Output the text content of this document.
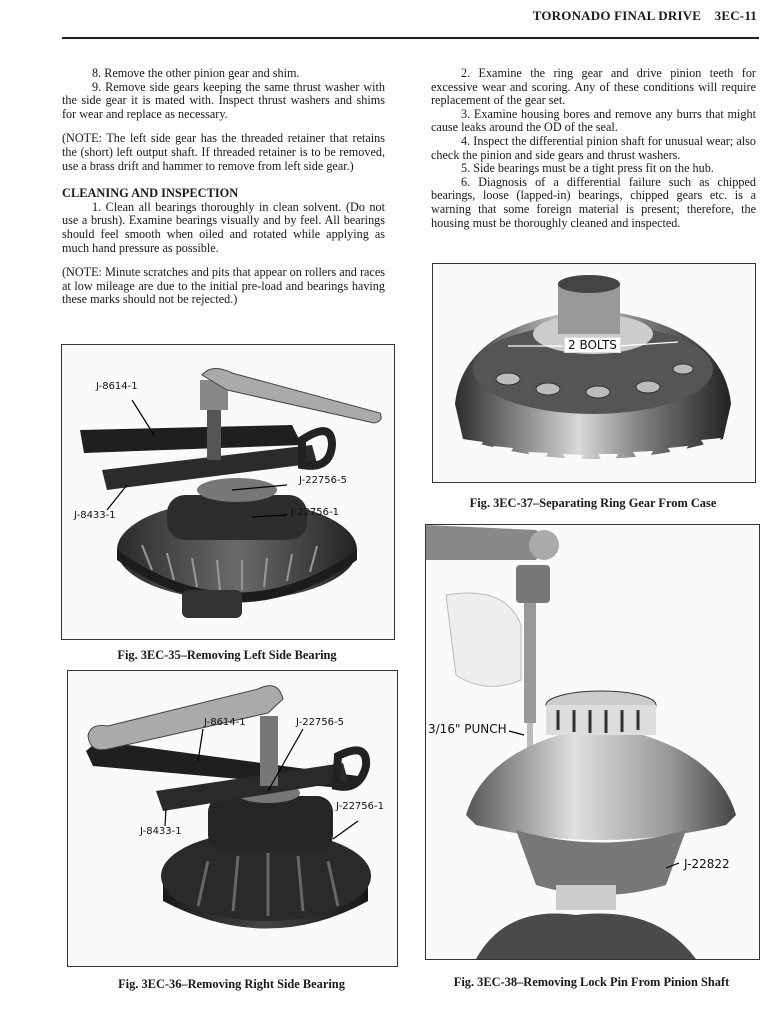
TORONADO FINAL DRIVE 3EC-11

8. Remove the other pinion gear and shim.

9. Remove side gears keeping the same thrust washer with the side gear it is mated with. Inspect thrust washers and shims for wear and replace as necessary.

(NOTE: The left side gear has the threaded retainer that retains the (short) left output shaft. If threaded retainer is to be removed, use a brass drift and hammer to remove from left side gear.)

CLEANING AND INSPECTION

1. Clean all bearings thoroughly in clean solvent. (Do not use a brush). Examine bearings visually and by feel. All bearings should feel smooth when oiled and rotated while applying as much hand pressure as possible.

(NOTE: Minute scratches and pits that appear on rollers and races at low mileage are due to the initial pre-load and bearings having these marks should not be rejected.)

2. Examine the ring gear and drive pinion teeth for excessive wear and scoring. Any of these conditions will require replacement of the gear set.

3. Examine housing bores and remove any burrs that might cause leaks around the OD of the seal.

4. Inspect the differential pinion shaft for unusual wear; also check the pinion and side gears and thrust washers.

5. Side bearings must be a tight press fit on the hub.

6. Diagnosis of a differential failure such as chipped bearings, loose (lapped-in) bearings, chipped gears etc. is a warning that some foreign material is present; therefore, the housing must be thoroughly cleaned and inspected.

J-8614-1
J-8433-1
J-22756-5
J-22756-1
Fig. 3EC-35–Removing Left Side Bearing
J-8614-1	J-22756-5
J-8433-1
J-22756-1
Fig. 3EC-36–Removing Right Side Bearing
2 BOLTS
Fig. 3EC-37–Separating Ring Gear From Case
3/16" PUNCH
J-22822
Fig. 3EC-38–Removing Lock Pin From Pinion Shaft
